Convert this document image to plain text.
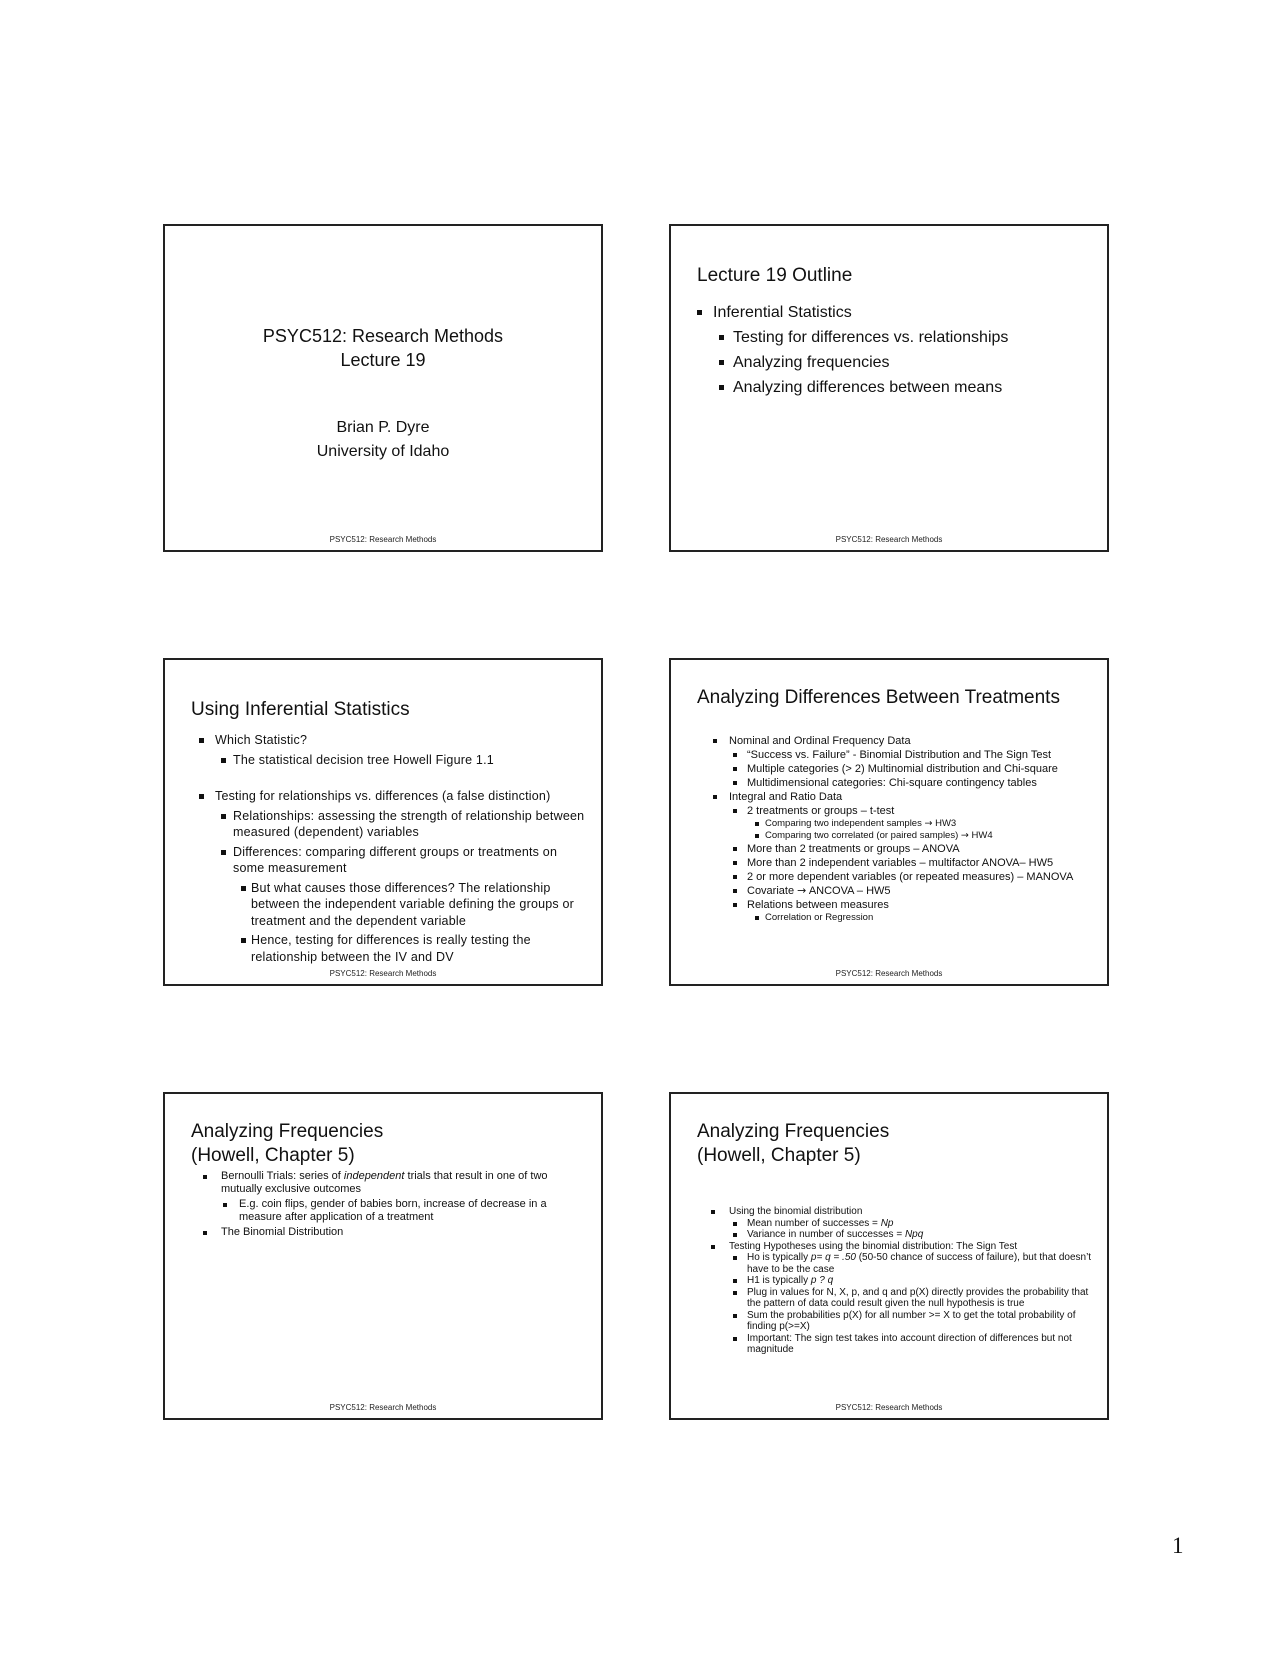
PSYC512: Research Methods
Lecture 19
Brian P. Dyre
University of Idaho
PSYC512: Research Methods
Lecture 19 Outline
Inferential Statistics
Testing for differences vs. relationships
Analyzing frequencies
Analyzing differences between means
PSYC512: Research Methods
Using Inferential Statistics
Which Statistic?
The statistical decision tree Howell Figure 1.1
Testing for relationships vs. differences (a false distinction)
Relationships: assessing the strength of relationship between measured (dependent) variables
Differences: comparing different groups or treatments on some measurement
But what causes those differences? The relationship between the independent variable defining the groups or treatment and the dependent variable
Hence, testing for differences is really testing the relationship between the IV and DV
PSYC512: Research Methods
Analyzing Differences Between Treatments
Nominal and Ordinal Frequency Data
“Success vs. Failure” - Binomial Distribution and The Sign Test
Multiple categories (> 2) Multinomial distribution and Chi-square
Multidimensional categories: Chi-square contingency tables
Integral and Ratio Data
2 treatments or groups – t-test
Comparing two independent samples → HW3
Comparing two correlated (or paired samples) → HW4
More than 2 treatments or groups – ANOVA
More than 2 independent variables – multifactor ANOVA– HW5
2 or more dependent variables (or repeated measures) – MANOVA
Covariate → ANCOVA – HW5
Relations between measures
Correlation or Regression
PSYC512: Research Methods
Analyzing Frequencies
(Howell, Chapter 5)
Bernoulli Trials: series of independent trials that result in one of two mutually exclusive outcomes
E.g. coin flips, gender of babies born, increase of decrease in a measure after application of a treatment
The Binomial Distribution
PSYC512: Research Methods
Analyzing Frequencies
(Howell, Chapter 5)
Using the binomial distribution
Mean number of successes = Np
Variance in number of successes = Npq
Testing Hypotheses using the binomial distribution: The Sign Test
Ho is typically p= q = .50 (50-50 chance of success of failure), but that doesn’t have to be the case
H1 is typically p ? q
Plug in values for N, X, p, and q and p(X) directly provides the probability that the pattern of data could result given the null hypothesis is true
Sum the probabilities p(X) for all number >= X to get the total probability of finding p(>=X)
Important: The sign test takes into account direction of differences but not magnitude
PSYC512: Research Methods
1
